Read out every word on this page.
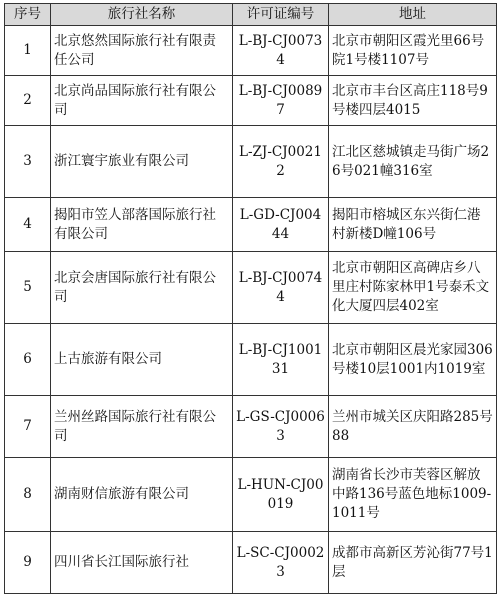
序号	旅行社名称	许可证编号	地址
1	北京悠然国际旅行社有限责任公司	L-BJ-CJ00734	北京市朝阳区霞光里66号院1号楼1107号
2	北京尚品国际旅行社有限公司	L-BJ-CJ00897	北京市丰台区高庄118号9号楼四层4015
3	浙江寰宇旅业有限公司	L-ZJ-CJ00212	江北区慈城镇走马街广场26号021幢316室
4	揭阳市笠人部落国际旅行社有限公司	L-GD-CJ00444	揭阳市榕城区东兴街仁港村新楼D幢106号
5	北京会唐国际旅行社有限公司	L-BJ-CJ00744	北京市朝阳区高碑店乡八里庄村陈家林甲1号泰禾文化大厦四层402室
6	上古旅游有限公司	L-BJ-CJ100131	北京市朝阳区晨光家园306号楼10层1001内1019室
7	兰州丝路国际旅行社有限公司	L-GS-CJ00063	兰州市城关区庆阳路285号88
8	湖南财信旅游有限公司	L-HUN-CJ00019	湖南省长沙市芙蓉区解放中路136号蓝色地标1009-1011号
9	四川省长江国际旅行社	L-SC-CJ00023	成都市高新区芳沁街77号1层
